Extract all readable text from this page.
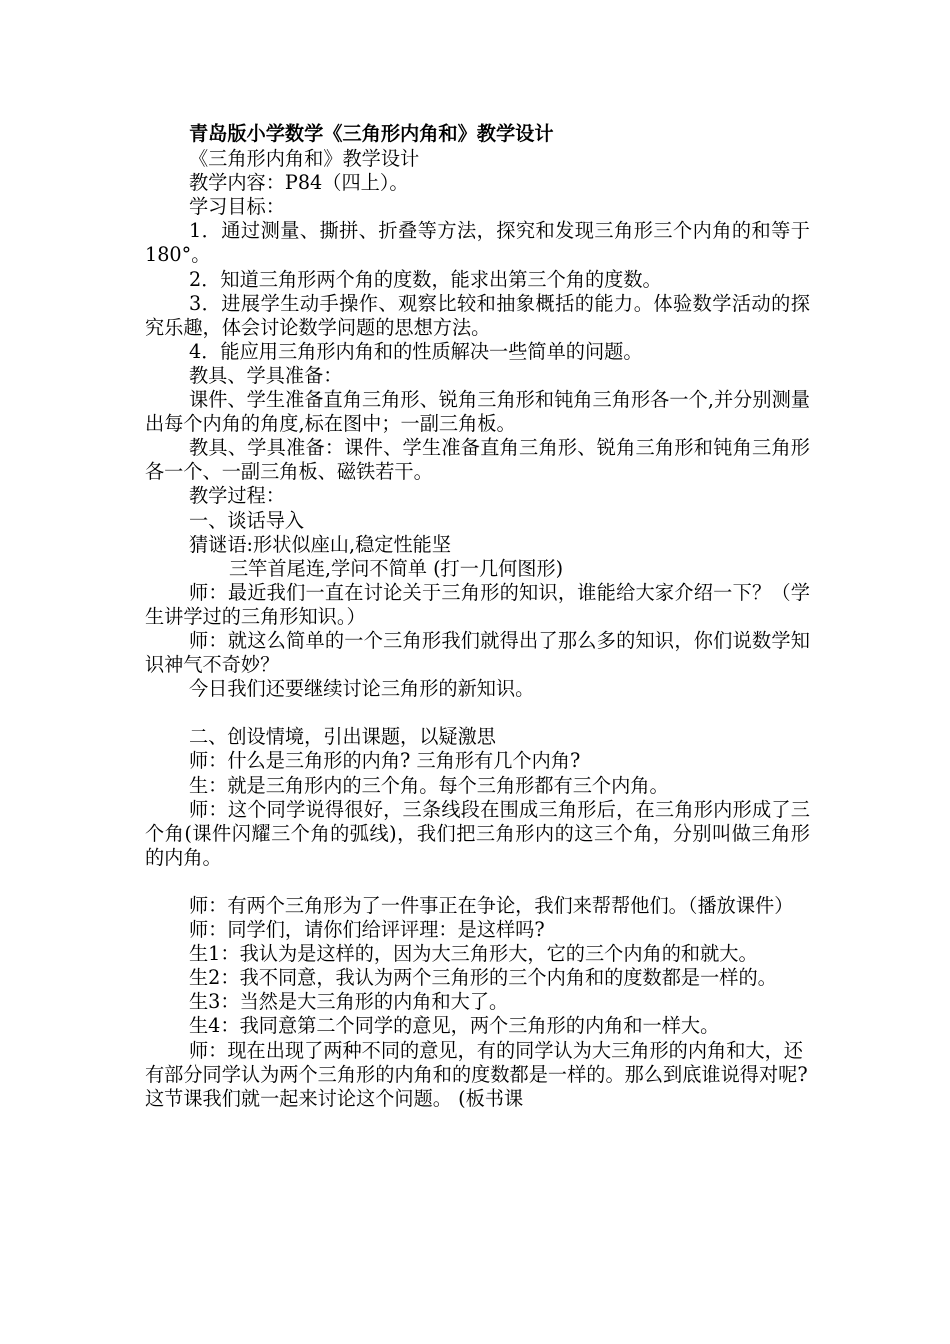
青岛版小学数学《三角形内角和》教学设计

《三角形内角和》教学设计

教学内容：P84（四上）。

学习目标：

1．通过测量、撕拼、折叠等方法，探究和发现三角形三个内角的和等于180°。

2．知道三角形两个角的度数，能求出第三个角的度数。

3．进展学生动手操作、观察比较和抽象概括的能力。体验数学活动的探究乐趣，体会讨论数学问题的思想方法。

4．能应用三角形内角和的性质解决一些简单的问题。

教具、学具准备：

课件、学生准备直角三角形、锐角三角形和钝角三角形各一个,并分别测量出每个内角的角度,标在图中；一副三角板。

教具、学具准备：课件、学生准备直角三角形、锐角三角形和钝角三角形各一个、一副三角板、磁铁若干。

教学过程：

一、谈话导入

猜谜语:形状似座山,稳定性能坚

三竿首尾连,学问不简单 (打一几何图形)

师：最近我们一直在讨论关于三角形的知识，谁能给大家介绍一下？（学生讲学过的三角形知识。）

师：就这么简单的一个三角形我们就得出了那么多的知识，你们说数学知识神气不奇妙？

今日我们还要继续讨论三角形的新知识。

二、创设情境，引出课题，以疑激思

师：什么是三角形的内角? 三角形有几个内角?

生：就是三角形内的三个角。每个三角形都有三个内角。

师：这个同学说得很好，三条线段在围成三角形后，在三角形内形成了三个角(课件闪耀三个角的弧线)，我们把三角形内的这三个角，分别叫做三角形的内角。

师：有两个三角形为了一件事正在争论，我们来帮帮他们。（播放课件）

师：同学们，请你们给评评理：是这样吗?

生1：我认为是这样的，因为大三角形大，它的三个内角的和就大。

生2：我不同意，我认为两个三角形的三个内角和的度数都是一样的。

生3：当然是大三角形的内角和大了。

生4：我同意第二个同学的意见，两个三角形的内角和一样大。

师：现在出现了两种不同的意见，有的同学认为大三角形的内角和大，还有部分同学认为两个三角形的内角和的度数都是一样的。那么到底谁说得对呢?这节课我们就一起来讨论这个问题。 (板书课
